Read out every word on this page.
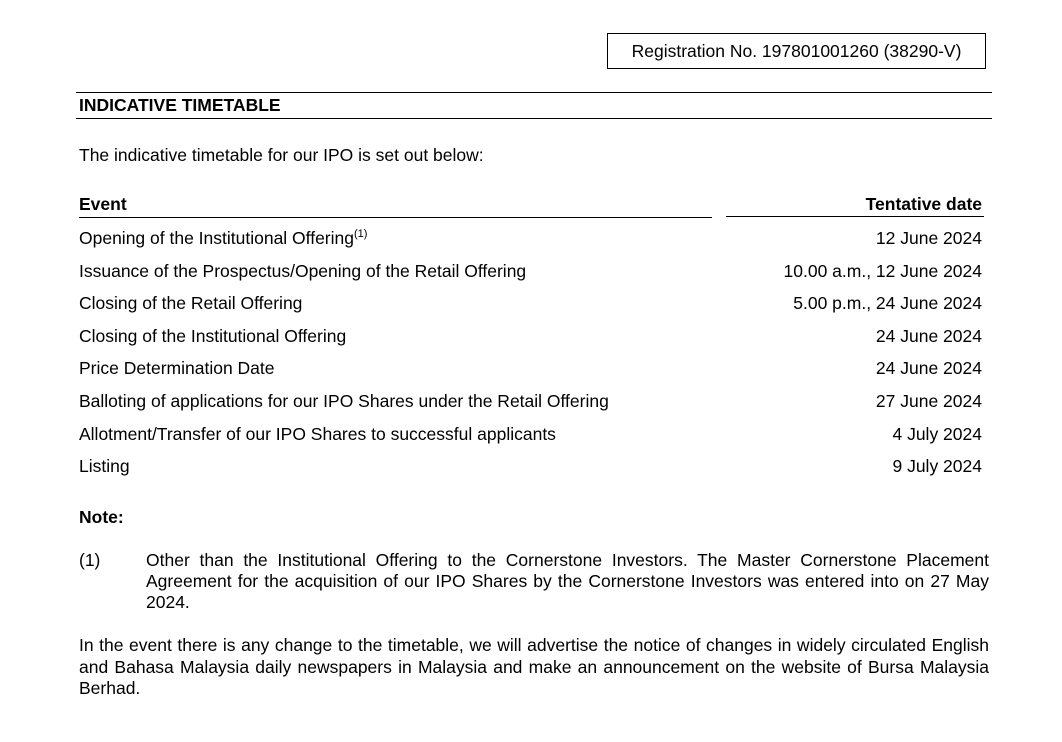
Registration No. 197801001260 (38290-V)
INDICATIVE TIMETABLE
The indicative timetable for our IPO is set out below:
Event	Tentative date
Opening of the Institutional Offering$^{(1)}$	12 June 2024
Issuance of the Prospectus/Opening of the Retail Offering	10.00 a.m., 12 June 2024
Closing of the Retail Offering	5.00 p.m., 24 June 2024
Closing of the Institutional Offering	24 June 2024
Price Determination Date	24 June 2024
Balloting of applications for our IPO Shares under the Retail Offering	27 June 2024
Allotment/Transfer of our IPO Shares to successful applicants	4 July 2024
Listing	9 July 2024
Note:
(1)	Other than the Institutional Offering to the Cornerstone Investors. The Master Cornerstone Placement Agreement for the acquisition of our IPO Shares by the Cornerstone Investors was entered into on 27 May 2024.
In the event there is any change to the timetable, we will advertise the notice of changes in widely circulated English and Bahasa Malaysia daily newspapers in Malaysia and make an announcement on the website of Bursa Malaysia Berhad.
